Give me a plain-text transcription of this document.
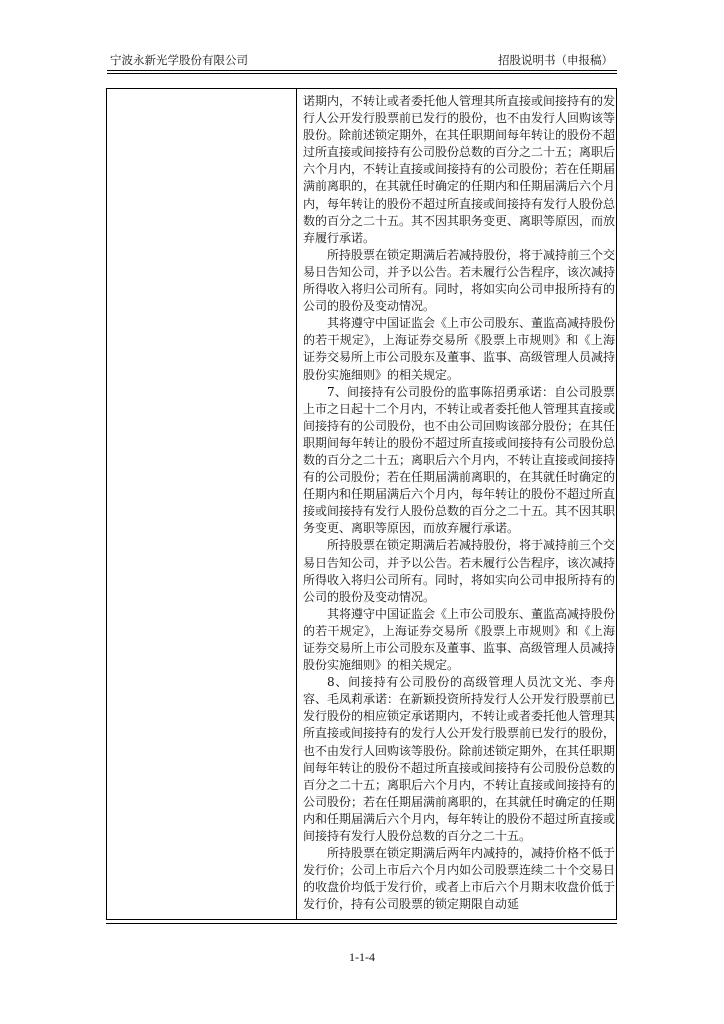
宁波永新光学股份有限公司	招股说明书（申报稿）

诺期内，不转让或者委托他人管理其所直接或间接持有的发行人公开发行股票前已发行的股份，也不由发行人回购该等股份。除前述锁定期外，在其任职期间每年转让的股份不超过所直接或间接持有公司股份总数的百分之二十五；离职后六个月内，不转让直接或间接持有的公司股份；若在任期届满前离职的，在其就任时确定的任期内和任期届满后六个月内，每年转让的股份不超过所直接或间接持有发行人股份总数的百分之二十五。其不因其职务变更、离职等原因，而放弃履行承诺。

所持股票在锁定期满后若减持股份，将于减持前三个交易日告知公司，并予以公告。若未履行公告程序，该次减持所得收入将归公司所有。同时，将如实向公司申报所持有的公司的股份及变动情况。

其将遵守中国证监会《上市公司股东、董监高减持股份的若干规定》，上海证券交易所《股票上市规则》和《上海证券交易所上市公司股东及董事、监事、高级管理人员减持股份实施细则》的相关规定。

7、间接持有公司股份的监事陈招勇承诺：自公司股票上市之日起十二个月内，不转让或者委托他人管理其直接或间接持有的公司股份，也不由公司回购该部分股份；在其任职期间每年转让的股份不超过所直接或间接持有公司股份总数的百分之二十五；离职后六个月内，不转让直接或间接持有的公司股份；若在任期届满前离职的，在其就任时确定的任期内和任期届满后六个月内，每年转让的股份不超过所直接或间接持有发行人股份总数的百分之二十五。其不因其职务变更、离职等原因，而放弃履行承诺。

所持股票在锁定期满后若减持股份，将于减持前三个交易日告知公司，并予以公告。若未履行公告程序，该次减持所得收入将归公司所有。同时，将如实向公司申报所持有的公司的股份及变动情况。

其将遵守中国证监会《上市公司股东、董监高减持股份的若干规定》，上海证券交易所《股票上市规则》和《上海证券交易所上市公司股东及董事、监事、高级管理人员减持股份实施细则》的相关规定。

8、间接持有公司股份的高级管理人员沈文光、李舟容、毛凤莉承诺：在新颖投资所持发行人公开发行股票前已发行股份的相应锁定承诺期内，不转让或者委托他人管理其所直接或间接持有的发行人公开发行股票前已发行的股份，也不由发行人回购该等股份。除前述锁定期外，在其任职期间每年转让的股份不超过所直接或间接持有公司股份总数的百分之二十五；离职后六个月内，不转让直接或间接持有的公司股份；若在任期届满前离职的，在其就任时确定的任期内和任期届满后六个月内，每年转让的股份不超过所直接或间接持有发行人股份总数的百分之二十五。

所持股票在锁定期满后两年内减持的，减持价格不低于发行价；公司上市后六个月内如公司股票连续二十个交易日的收盘价均低于发行价，或者上市后六个月期末收盘价低于发行价，持有公司股票的锁定期限自动延

1-1-4
